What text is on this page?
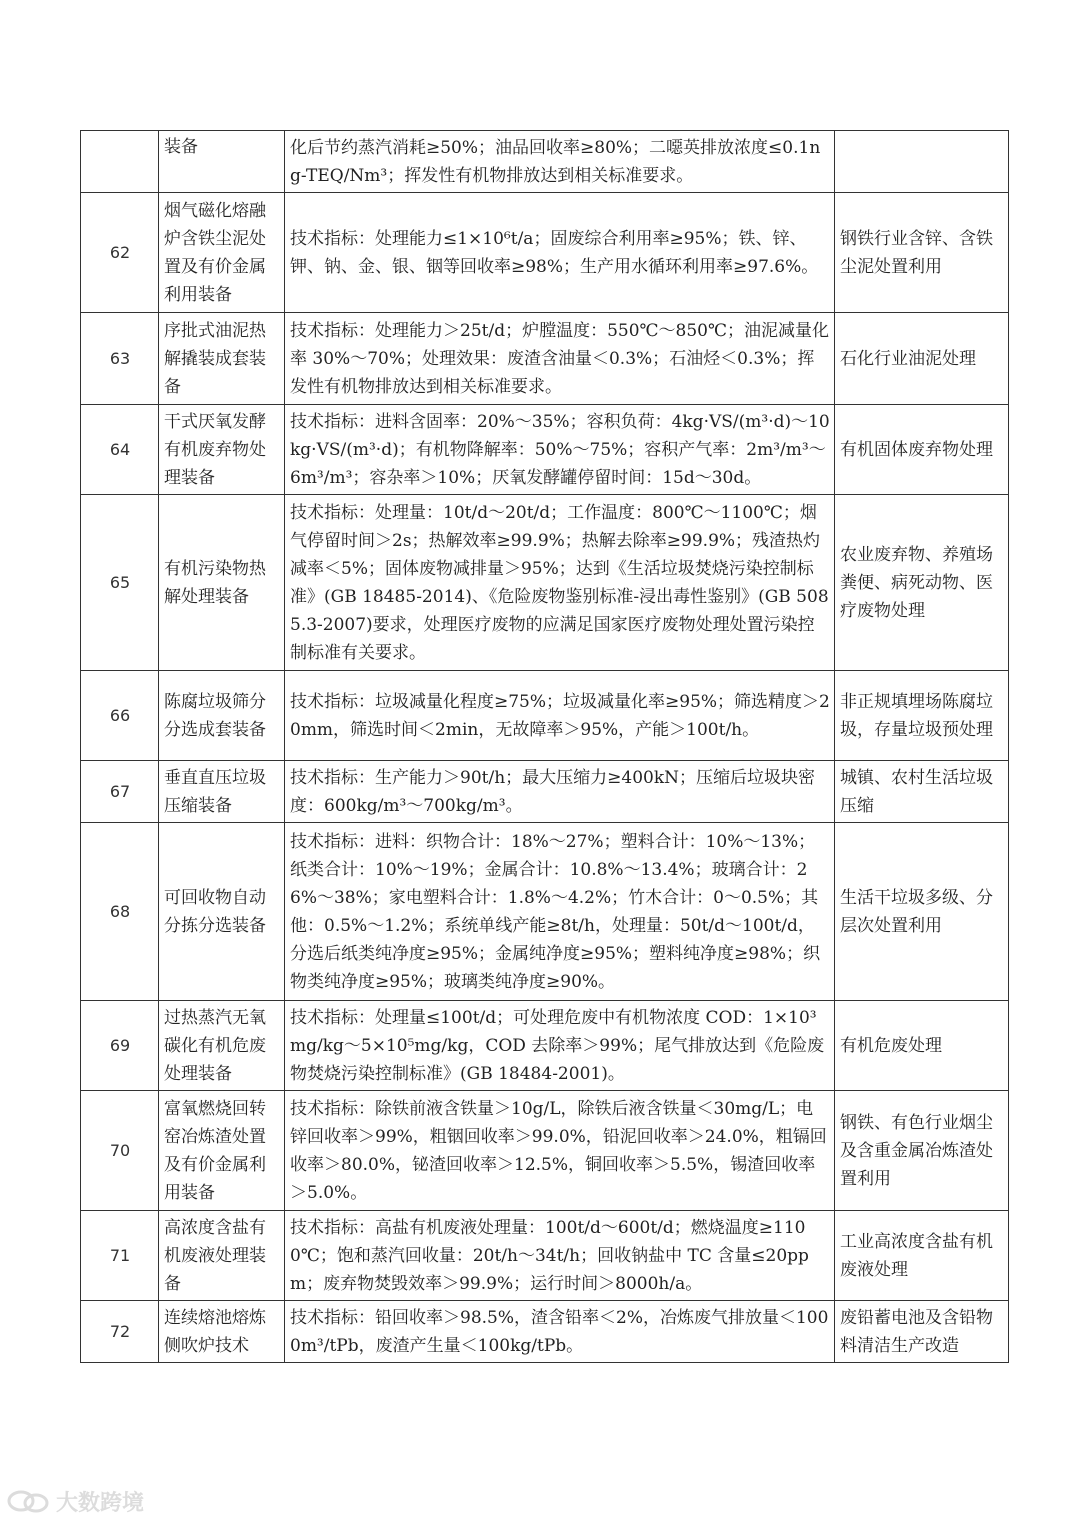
	装备	化后节约蒸汽消耗≥50%；油品回收率≥80%；二噁英排放浓度≤0.1ng-TEQ/Nm³；挥发性有机物排放达到相关标准要求。	
62	烟气磁化熔融炉含铁尘泥处置及有价金属利用装备	技术指标：处理能力≤1×10⁶t/a；固废综合利用率≥95%；铁、锌、钾、钠、金、银、铟等回收率≥98%；生产用水循环利用率≥97.6%。	钢铁行业含锌、含铁尘泥处置利用
63	序批式油泥热解撬装成套装备	技术指标：处理能力＞25t/d；炉膛温度：550℃～850℃；油泥减量化率 30%～70%；处理效果：废渣含油量＜0.3%；石油烃＜0.3%；挥发性有机物排放达到相关标准要求。	石化行业油泥处理
64	干式厌氧发酵有机废弃物处理装备	技术指标：进料含固率：20%～35%；容积负荷：4kg·VS/(m³·d)～10kg·VS/(m³·d)；有机物降解率：50%～75%；容积产气率：2m³/m³～6m³/m³；容杂率＞10%；厌氧发酵罐停留时间：15d～30d。	有机固体废弃物处理
65	有机污染物热解处理装备	技术指标：处理量：10t/d～20t/d；工作温度：800℃～1100℃；烟气停留时间＞2s；热解效率≥99.9%；热解去除率≥99.9%；残渣热灼减率＜5%；固体废物减排量＞95%；达到《生活垃圾焚烧污染控制标准》(GB 18485-2014)、《危险废物鉴别标准-浸出毒性鉴别》(GB 5085.3-2007)要求，处理医疗废物的应满足国家医疗废物处理处置污染控制标准有关要求。	农业废弃物、养殖场粪便、病死动物、医疗废物处理
66	陈腐垃圾筛分分选成套装备	技术指标：垃圾减量化程度≥75%；垃圾减量化率≥95%；筛选精度＞20mm，筛选时间＜2min，无故障率＞95%，产能＞100t/h。	非正规填埋场陈腐垃圾，存量垃圾预处理
67	垂直直压垃圾压缩装备	技术指标：生产能力＞90t/h；最大压缩力≥400kN；压缩后垃圾块密度：600kg/m³～700kg/m³。	城镇、农村生活垃圾压缩
68	可回收物自动分拣分选装备	技术指标：进料：织物合计：18%～27%；塑料合计：10%～13%；纸类合计：10%～19%；金属合计：10.8%～13.4%；玻璃合计：26%～38%；家电塑料合计：1.8%～4.2%；竹木合计：0～0.5%；其他：0.5%～1.2%；系统单线产能≥8t/h，处理量：50t/d～100t/d，分选后纸类纯净度≥95%；金属纯净度≥95%；塑料纯净度≥98%；织物类纯净度≥95%；玻璃类纯净度≥90%。	生活干垃圾多级、分层次处置利用
69	过热蒸汽无氧碳化有机危废处理装备	技术指标：处理量≤100t/d；可处理危废中有机物浓度 COD：1×10³mg/kg～5×10⁵mg/kg，COD 去除率＞99%；尾气排放达到《危险废物焚烧污染控制标准》(GB 18484-2001)。	有机危废处理
70	富氧燃烧回转窑冶炼渣处置及有价金属利用装备	技术指标：除铁前液含铁量＞10g/L，除铁后液含铁量＜30mg/L；电锌回收率＞99%，粗铟回收率＞99.0%，铅泥回收率＞24.0%，粗镉回收率＞80.0%，铋渣回收率＞12.5%，铜回收率＞5.5%，锡渣回收率＞5.0%。	钢铁、有色行业烟尘及含重金属冶炼渣处置利用
71	高浓度含盐有机废液处理装备	技术指标：高盐有机废液处理量：100t/d～600t/d；燃烧温度≥1100℃；饱和蒸汽回收量：20t/h～34t/h；回收钠盐中 TC 含量≤20ppm；废弃物焚毁效率＞99.9%；运行时间＞8000h/a。	工业高浓度含盐有机废液处理
72	连续熔池熔炼侧吹炉技术	技术指标：铅回收率＞98.5%，渣含铅率＜2%，冶炼废气排放量＜1000m³/tPb，废渣产生量＜100kg/tPb。	废铅蓄电池及含铅物料清洁生产改造
大数跨境
